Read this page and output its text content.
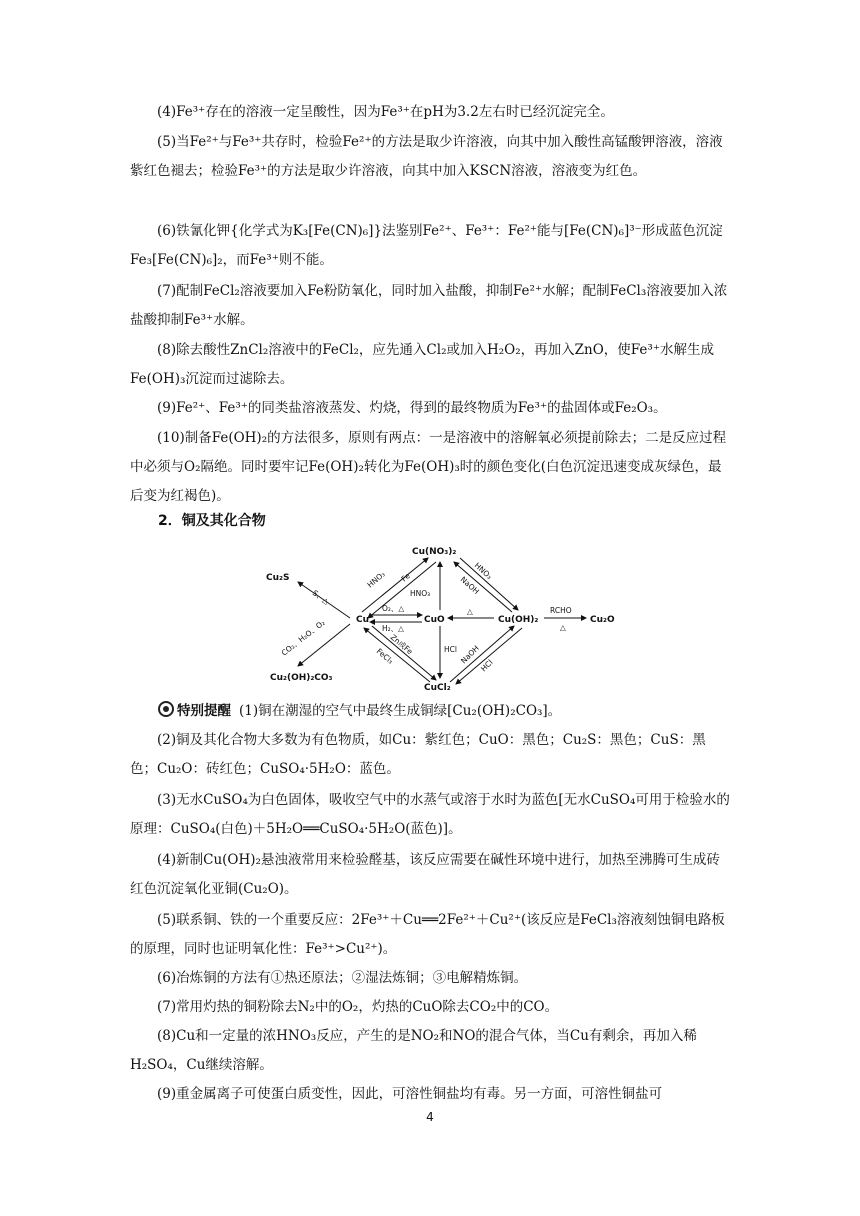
(4)Fe³⁺存在的溶液一定呈酸性，因为Fe³⁺在pH为3.2左右时已经沉淀完全。
(5)当Fe²⁺与Fe³⁺共存时，检验Fe²⁺的方法是取少许溶液，向其中加入酸性高锰酸钾溶液，溶液紫红色褪去；检验Fe³⁺的方法是取少许溶液，向其中加入KSCN溶液，溶液变为红色。
(6)铁氰化钾{化学式为K₃[Fe(CN)₆]}法鉴别Fe²⁺、Fe³⁺：Fe²⁺能与[Fe(CN)₆]³⁻形成蓝色沉淀Fe₃[Fe(CN)₆]₂，而Fe³⁺则不能。
(7)配制FeCl₂溶液要加入Fe粉防氧化，同时加入盐酸，抑制Fe²⁺水解；配制FeCl₃溶液要加入浓盐酸抑制Fe³⁺水解。
(8)除去酸性ZnCl₂溶液中的FeCl₂，应先通入Cl₂或加入H₂O₂，再加入ZnO，使Fe³⁺水解生成Fe(OH)₃沉淀而过滤除去。
(9)Fe²⁺、Fe³⁺的同类盐溶液蒸发、灼烧，得到的最终物质为Fe³⁺的盐固体或Fe₂O₃。
(10)制备Fe(OH)₂的方法很多，原则有两点：一是溶液中的溶解氧必须提前除去；二是反应过程中必须与O₂隔绝。同时要牢记Fe(OH)₂转化为Fe(OH)₃时的颜色变化(白色沉淀迅速变成灰绿色，最后变为红褐色)。
2．铜及其化合物
Cu
Cu₂S
Cu(NO₃)₂
CuO	Cu(OH)₂	Cu₂O
CuCl₂
Cu₂(OH)₂CO₃
S、△
HNO₃ Fe
HNO₃
O₂、△
H₂、△
△
HNO₃
NaOH
RCHO
△
CO₂、H₂O、O₂	Zn或Fe
FeCl₃	HCl NaOH
HCl
特别提醒 (1)铜在潮湿的空气中最终生成铜绿[Cu₂(OH)₂CO₃]。
(2)铜及其化合物大多数为有色物质，如Cu：紫红色；CuO：黑色；Cu₂S：黑色；CuS：黑色；Cu₂O：砖红色；CuSO₄·5H₂O：蓝色。
(3)无水CuSO₄为白色固体，吸收空气中的水蒸气或溶于水时为蓝色[无水CuSO₄可用于检验水的原理：CuSO₄(白色)＋5H₂O══CuSO₄·5H₂O(蓝色)]。
(4)新制Cu(OH)₂悬浊液常用来检验醛基，该反应需要在碱性环境中进行，加热至沸腾可生成砖红色沉淀氧化亚铜(Cu₂O)。
(5)联系铜、铁的一个重要反应：2Fe³⁺＋Cu══2Fe²⁺＋Cu²⁺(该反应是FeCl₃溶液刻蚀铜电路板的原理，同时也证明氧化性：Fe³⁺>Cu²⁺)。
(6)冶炼铜的方法有①热还原法；②湿法炼铜；③电解精炼铜。
(7)常用灼热的铜粉除去N₂中的O₂，灼热的CuO除去CO₂中的CO。
(8)Cu和一定量的浓HNO₃反应，产生的是NO₂和NO的混合气体，当Cu有剩余，再加入稀H₂SO₄，Cu继续溶解。
(9)重金属离子可使蛋白质变性，因此，可溶性铜盐均有毒。另一方面，可溶性铜盐可
4
